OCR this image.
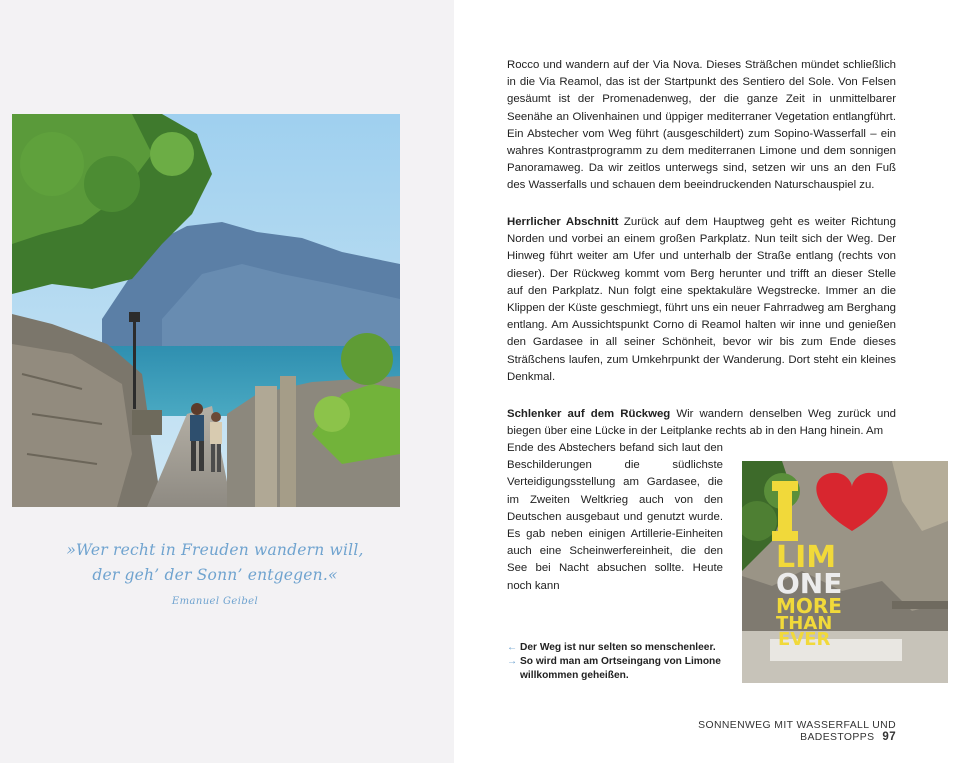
»Wer recht in Freuden wandern will,
der geh’ der Sonn’ entgegen.«
Emanuel Geibel

Rocco und wandern auf der Via Nova. Dieses Sträßchen mündet schließlich in die Via Reamol, das ist der Startpunkt des Sentiero del Sole. Von Felsen gesäumt ist der Promenadenweg, der die ganze Zeit in unmittelbarer Seenähe an Olivenhainen und üppiger mediterraner Vegetation entlangführt. Ein Abstecher vom Weg führt (ausgeschildert) zum Sopino-Wasserfall – ein wahres Kontrastprogramm zu dem mediterranen Limone und dem sonnigen Panoramaweg. Da wir zeitlos unterwegs sind, setzen wir uns an den Fuß des Wasserfalls und schauen dem beeindruckenden Naturschauspiel zu.

Herrlicher Abschnitt Zurück auf dem Hauptweg geht es weiter Richtung Norden und vorbei an einem großen Parkplatz. Nun teilt sich der Weg. Der Hinweg führt weiter am Ufer und unterhalb der Straße entlang (rechts von dieser). Der Rückweg kommt vom Berg herunter und trifft an dieser Stelle auf den Parkplatz. Nun folgt eine spektakuläre Wegstrecke. Immer an die Klippen der Küste geschmiegt, führt uns ein neuer Fahrradweg am Berghang entlang. Am Aussichtspunkt Corno di Reamol halten wir inne und genießen den Gardasee in all seiner Schönheit, bevor wir bis zum Ende dieses Sträßchens laufen, zum Umkehrpunkt der Wanderung. Dort steht ein kleines Denkmal.

Schlenker auf dem Rückweg Wir wandern denselben Weg zurück und biegen über eine Lücke in der Leitplanke rechts ab in den Hang hinein. Am

Ende des Abstechers befand sich laut den Beschilderungen die südlichste Verteidigungsstellung am Gardasee, die im Zweiten Weltkrieg auch von den Deutschen ausgebaut und genutzt wurde. Es gab neben einigen Artillerie-Einheiten auch eine Scheinwerfereinheit, die den See bei Nacht absuchen sollte. Heute noch kann

LIM
ONE
MORE
THAN
EVER
← Der Weg ist nur selten so menschenleer.
→ So wird man am Ortseingang von Limone willkommen geheißen.
SONNENWEG MIT WASSERFALL UND BADESTOPPS 97
